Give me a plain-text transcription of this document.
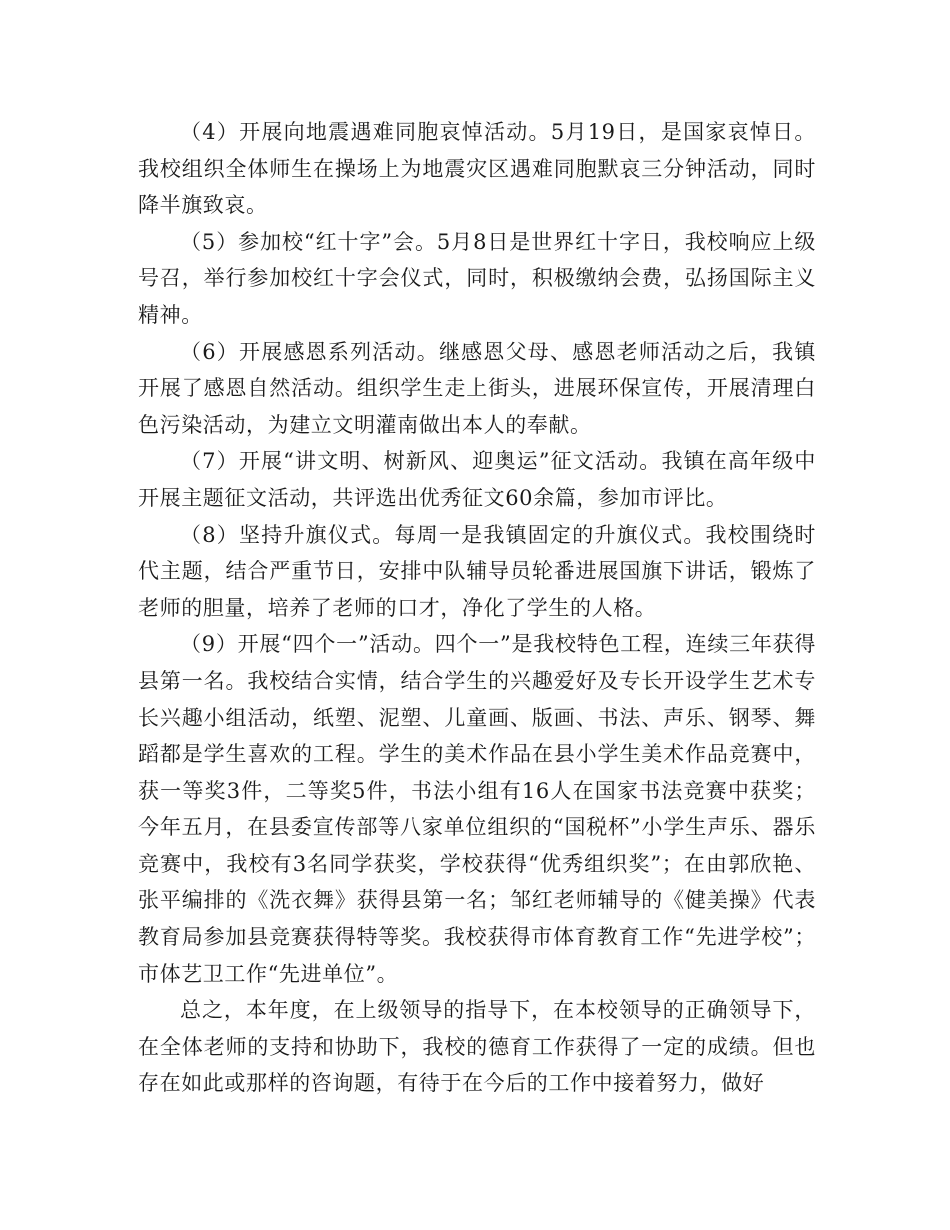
（4）开展向地震遇难同胞哀悼活动。5月19日，是国家哀悼日。我校组织全体师生在操场上为地震灾区遇难同胞默哀三分钟活动，同时降半旗致哀。

（5）参加校“红十字”会。5月8日是世界红十字日，我校响应上级号召，举行参加校红十字会仪式，同时，积极缴纳会费，弘扬国际主义精神。

（6）开展感恩系列活动。继感恩父母、感恩老师活动之后，我镇开展了感恩自然活动。组织学生走上街头，进展环保宣传，开展清理白色污染活动，为建立文明灌南做出本人的奉献。

（7）开展“讲文明、树新风、迎奥运”征文活动。我镇在高年级中开展主题征文活动，共评选出优秀征文60余篇，参加市评比。

（8）坚持升旗仪式。每周一是我镇固定的升旗仪式。我校围绕时代主题，结合严重节日，安排中队辅导员轮番进展国旗下讲话，锻炼了老师的胆量，培养了老师的口才，净化了学生的人格。

（9）开展“四个一”活动。四个一”是我校特色工程，连续三年获得县第一名。我校结合实情，结合学生的兴趣爱好及专长开设学生艺术专长兴趣小组活动，纸塑、泥塑、儿童画、版画、书法、声乐、钢琴、舞蹈都是学生喜欢的工程。学生的美术作品在县小学生美术作品竞赛中，获一等奖3件，二等奖5件，书法小组有16人在国家书法竞赛中获奖；今年五月，在县委宣传部等八家单位组织的“国税杯”小学生声乐、器乐竞赛中，我校有3名同学获奖，学校获得“优秀组织奖”；在由郭欣艳、张平编排的《洗衣舞》获得县第一名；邹红老师辅导的《健美操》代表教育局参加县竞赛获得特等奖。我校获得市体育教育工作“先进学校”；市体艺卫工作“先进单位”。

总之，本年度，在上级领导的指导下，在本校领导的正确领导下，在全体老师的支持和协助下，我校的德育工作获得了一定的成绩。但也存在如此或那样的咨询题，有待于在今后的工作中接着努力，做好
